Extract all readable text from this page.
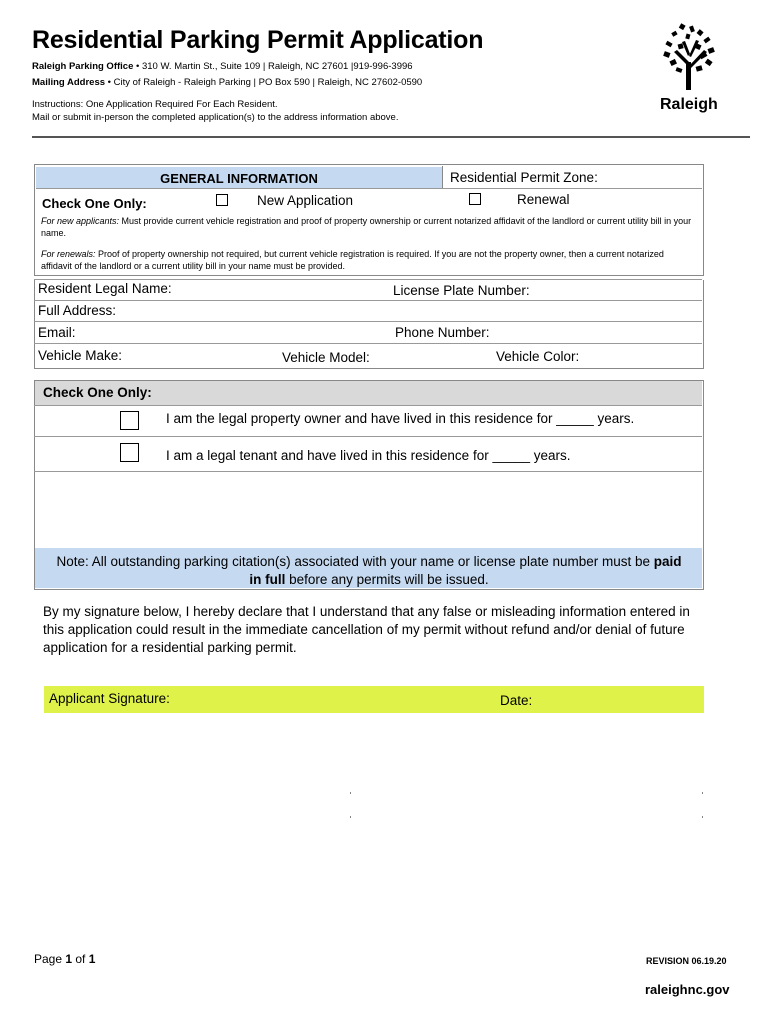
Residential Parking Permit Application
Raleigh Parking Office • 310 W. Martin St., Suite 109 | Raleigh, NC 27601 |919-996-3996
Mailing Address • City of Raleigh - Raleigh Parking | PO Box 590 | Raleigh, NC 27602-0590
Instructions: One Application Required For Each Resident.
Mail or submit in-person the completed application(s) to the address information above.
Raleigh
GENERAL INFORMATION	Residential Permit Zone:
Check One Only:	New Application	Renewal
For new applicants: Must provide current vehicle registration and proof of property ownership or current notarized affidavit of the landlord or current utility bill in your name.
For renewals: Proof of property ownership not required, but current vehicle registration is required. If you are not the property owner, then a current notarized affidavit of the landlord or a current utility bill in your name must be provided.
Resident Legal Name:	License Plate Number:
Full Address:
Email:	Phone Number:
Vehicle Make:	Vehicle Model:	Vehicle Color:
Check One Only:
I am the legal property owner and have lived in this residence for _____ years.
I am a legal tenant and have lived in this residence for _____ years.
Note: All outstanding parking citation(s) associated with your name or license plate number must be paid
in full before any permits will be issued.
By my signature below, I hereby declare that I understand that any false or misleading information entered in this application could result in the immediate cancellation of my permit without refund and/or denial of future application for a residential parking permit.
Applicant Signature:	Date:
Page 1 of 1	REVISION 06.19.20
raleighnc.gov
